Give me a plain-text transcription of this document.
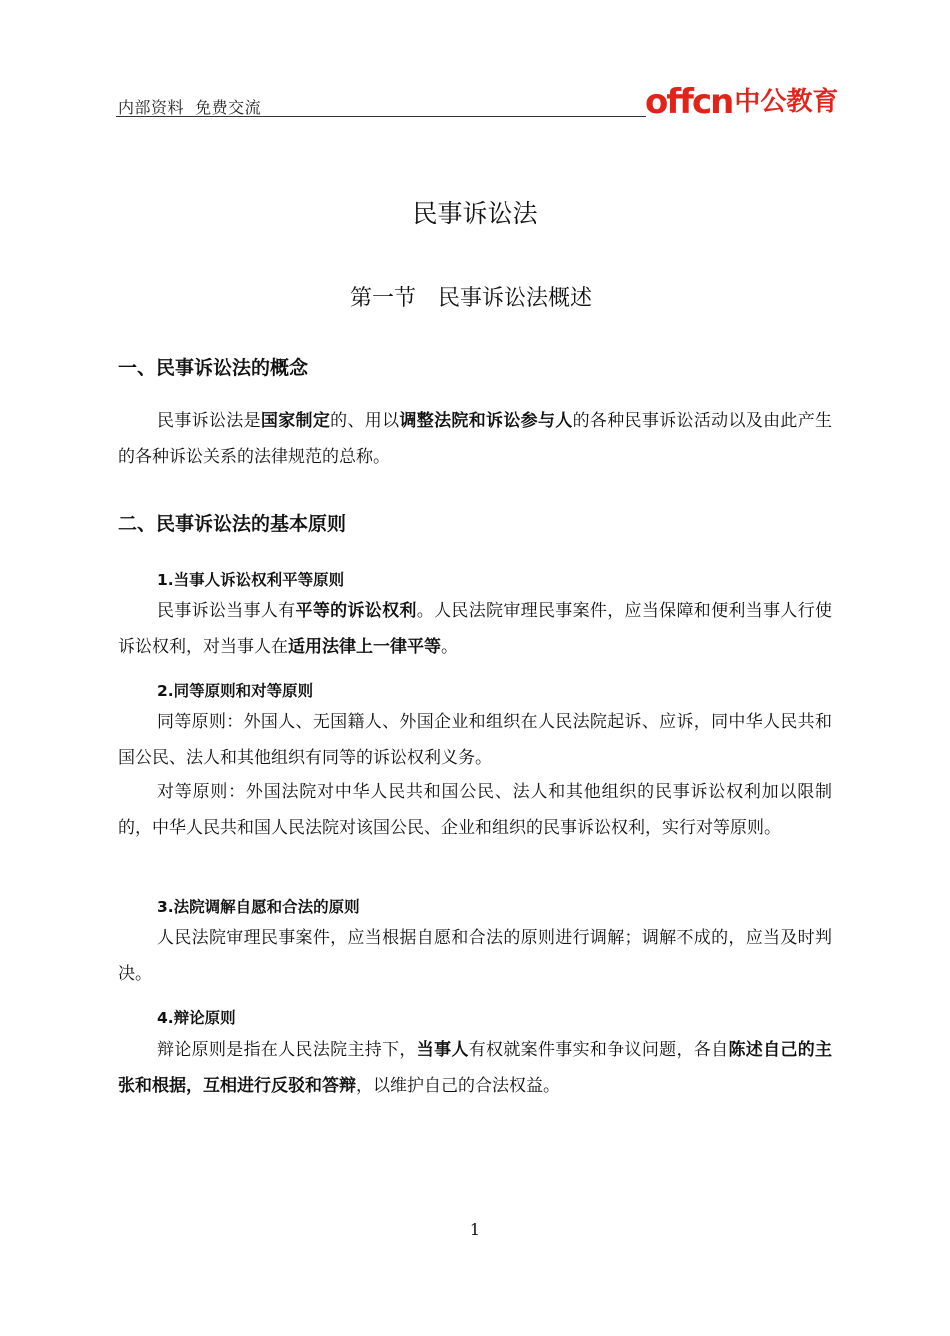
内部资料  免费交流	offcn 中公教育
民事诉讼法
第一节　民事诉讼法概述
一、民事诉讼法的概念
民事诉讼法是国家制定的、用以调整法院和诉讼参与人的各种民事诉讼活动以及由此产生的各种诉讼关系的法律规范的总称。
二、民事诉讼法的基本原则
1.当事人诉讼权利平等原则
民事诉讼当事人有平等的诉讼权利。人民法院审理民事案件，应当保障和便利当事人行使诉讼权利，对当事人在适用法律上一律平等。
2.同等原则和对等原则
同等原则：外国人、无国籍人、外国企业和组织在人民法院起诉、应诉，同中华人民共和国公民、法人和其他组织有同等的诉讼权利义务。
对等原则：外国法院对中华人民共和国公民、法人和其他组织的民事诉讼权利加以限制的，中华人民共和国人民法院对该国公民、企业和组织的民事诉讼权利，实行对等原则。
3.法院调解自愿和合法的原则
人民法院审理民事案件，应当根据自愿和合法的原则进行调解；调解不成的，应当及时判决。
4.辩论原则
辩论原则是指在人民法院主持下，当事人有权就案件事实和争议问题，各自陈述自己的主张和根据，互相进行反驳和答辩，以维护自己的合法权益。
1
